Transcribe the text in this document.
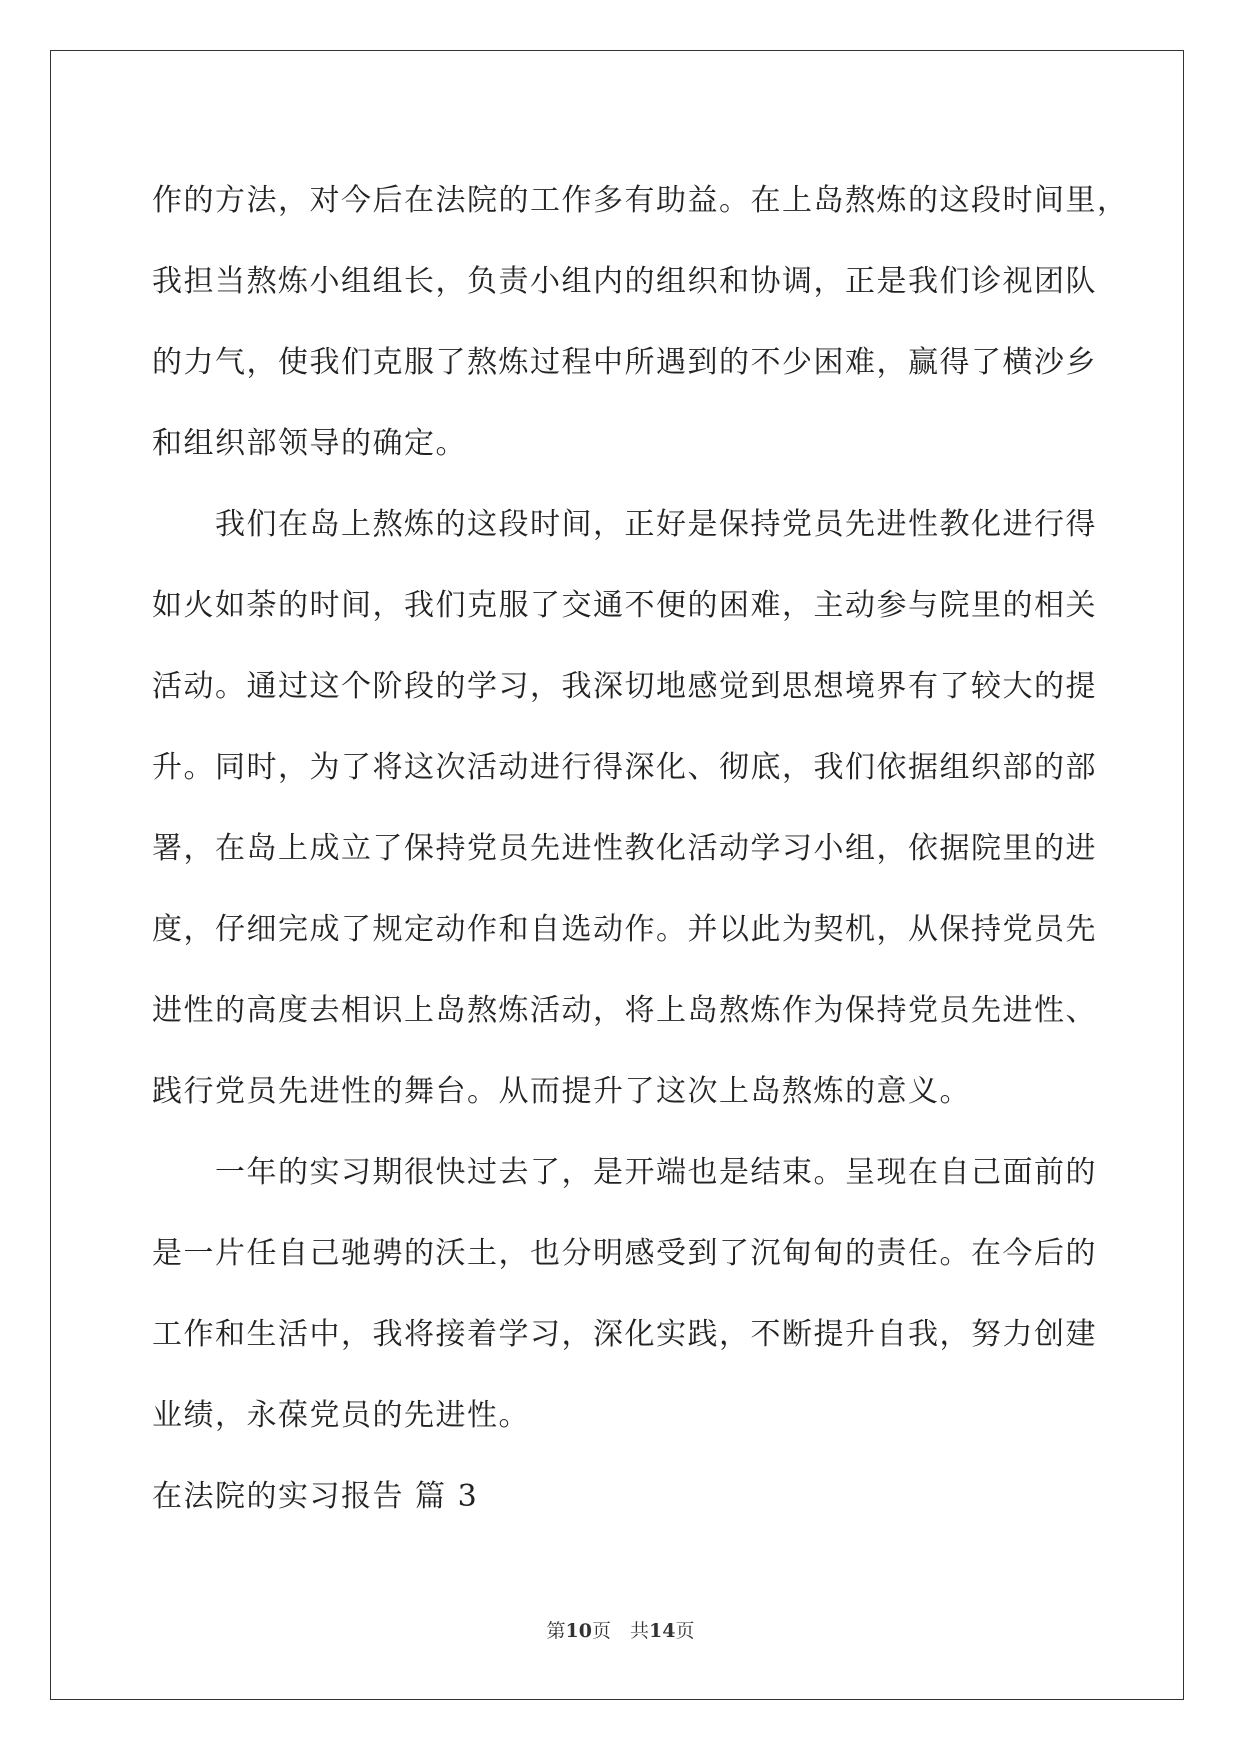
作的方法，对今后在法院的工作多有助益。在上岛熬炼的这段时间里，
我担当熬炼小组组长，负责小组内的组织和协调，正是我们诊视团队
的力气，使我们克服了熬炼过程中所遇到的不少困难，赢得了横沙乡
和组织部领导的确定。
　　我们在岛上熬炼的这段时间，正好是保持党员先进性教化进行得
如火如荼的时间，我们克服了交通不便的困难，主动参与院里的相关
活动。通过这个阶段的学习，我深切地感觉到思想境界有了较大的提
升。同时，为了将这次活动进行得深化、彻底，我们依据组织部的部
署，在岛上成立了保持党员先进性教化活动学习小组，依据院里的进
度，仔细完成了规定动作和自选动作。并以此为契机，从保持党员先
进性的高度去相识上岛熬炼活动，将上岛熬炼作为保持党员先进性、
践行党员先进性的舞台。从而提升了这次上岛熬炼的意义。
　　一年的实习期很快过去了，是开端也是结束。呈现在自己面前的
是一片任自己驰骋的沃土，也分明感受到了沉甸甸的责任。在今后的
工作和生活中，我将接着学习，深化实践，不断提升自我，努力创建
业绩，永葆党员的先进性。
在法院的实习报告 篇 3
第10页　共14页
